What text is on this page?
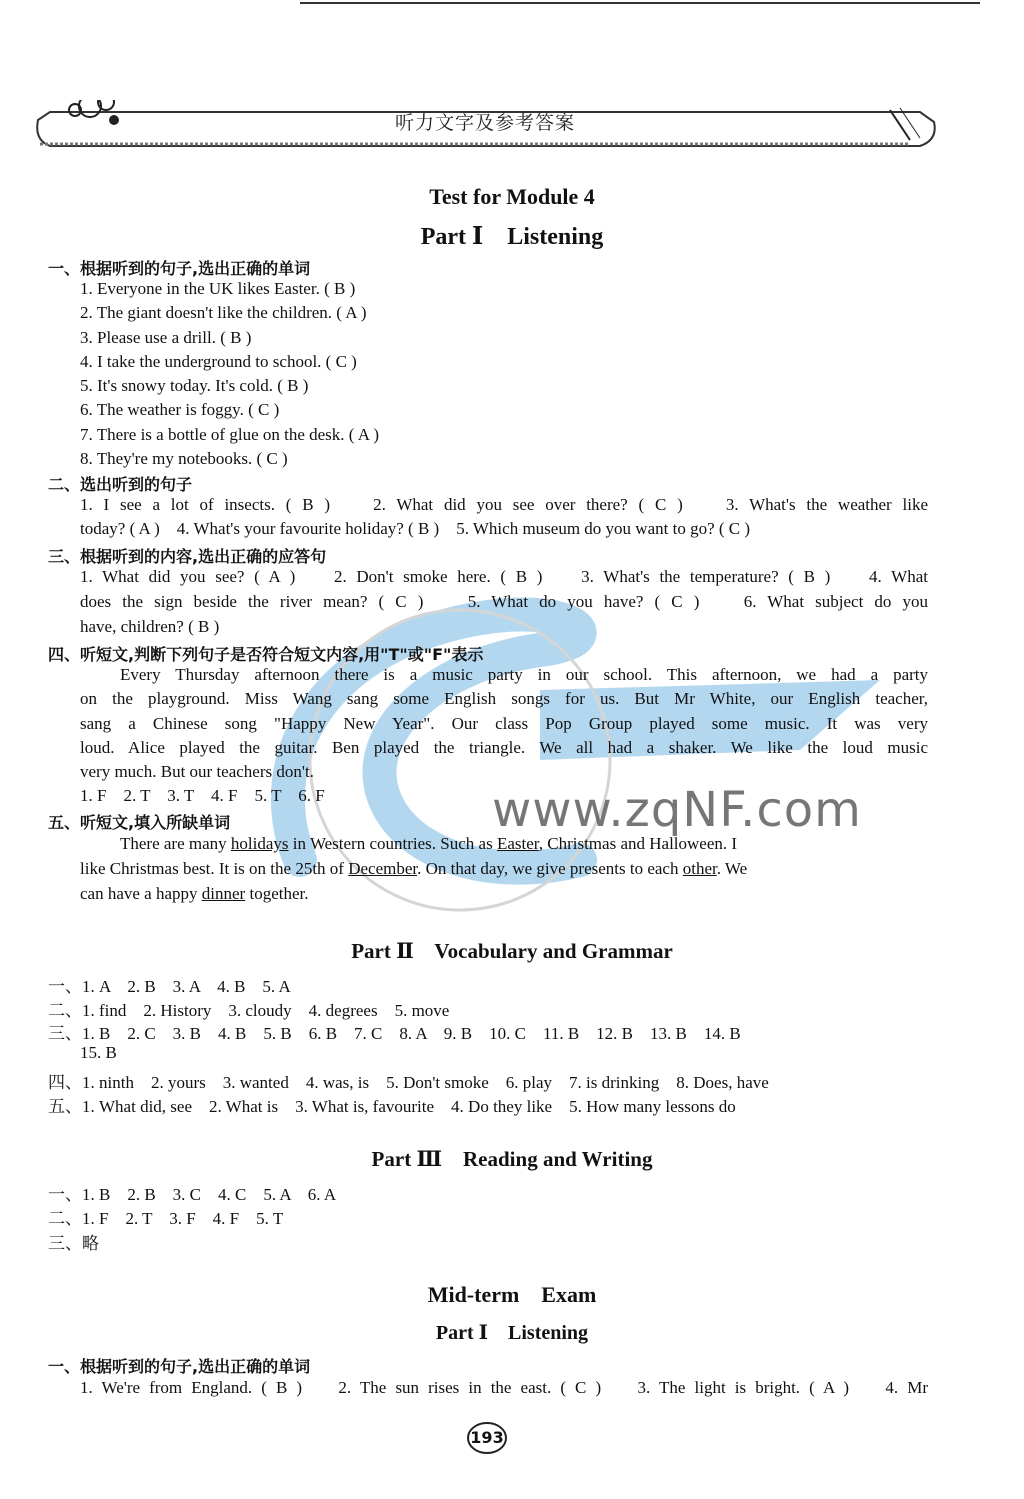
听力文字及参考答案
www.zqNF.com
Test for Module 4
Part Ⅰ    Listening
一、根据听到的句子,选出正确的单词
1. Everyone in the UK likes Easter. ( B )
2. The giant doesn't like the children. ( A )
3. Please use a drill. ( B )
4. I take the underground to school. ( C )
5. It's snowy today. It's cold. ( B )
6. The weather is foggy. ( C )
7. There is a bottle of glue on the desk. ( A )
8. They're my notebooks. ( C )
二、选出听到的句子
1. I see a lot of insects. ( B )    2. What did you see over there? ( C )    3. What's the weather like
today? ( A )    4. What's your favourite holiday? ( B )    5. Which museum do you want to go? ( C )
三、根据听到的内容,选出正确的应答句
1. What did you see? ( A )    2. Don't smoke here. ( B )    3. What's the temperature? ( B )    4. What
does the sign beside the river mean? ( C )    5. What do you have? ( C )    6. What subject do you
have, children? ( B )
四、听短文,判断下列句子是否符合短文内容,用"T"或"F"表示
Every Thursday afternoon there is a music party in our school. This afternoon, we had a party
on the playground. Miss Wang sang some English songs for us. But Mr White, our English teacher,
sang a Chinese song "Happy New Year". Our class Pop Group played some music. It was very
loud. Alice played the guitar. Ben played the triangle. We all had a shaker. We like the loud music
very much. But our teachers don't.
1. F    2. T    3. T    4. F    5. T    6. F
五、听短文,填入所缺单词
There are many holidays in Western countries. Such as Easter, Christmas and Halloween. I
like Christmas best. It is on the 25th of December. On that day, we give presents to each other. We
can have a happy dinner together.
Part Ⅱ    Vocabulary and Grammar
一、1. A    2. B    3. A    4. B    5. A
二、1. find    2. History    3. cloudy    4. degrees    5. move
三、1. B    2. C    3. B    4. B    5. B    6. B    7. C    8. A    9. B    10. C    11. B    12. B    13. B    14. B
15. B
四、1. ninth    2. yours    3. wanted    4. was, is    5. Don't smoke    6. play    7. is drinking    8. Does, have
五、1. What did, see    2. What is    3. What is, favourite    4. Do they like    5. How many lessons do
Part Ⅲ    Reading and Writing
一、1. B    2. B    3. C    4. C    5. A    6. A
二、1. F    2. T    3. F    4. F    5. T
三、略
Mid-term    Exam
Part Ⅰ    Listening
一、根据听到的句子,选出正确的单词
1. We're from England. ( B )    2. The sun rises in the east. ( C )    3. The light is bright. ( A )    4. Mr
193
